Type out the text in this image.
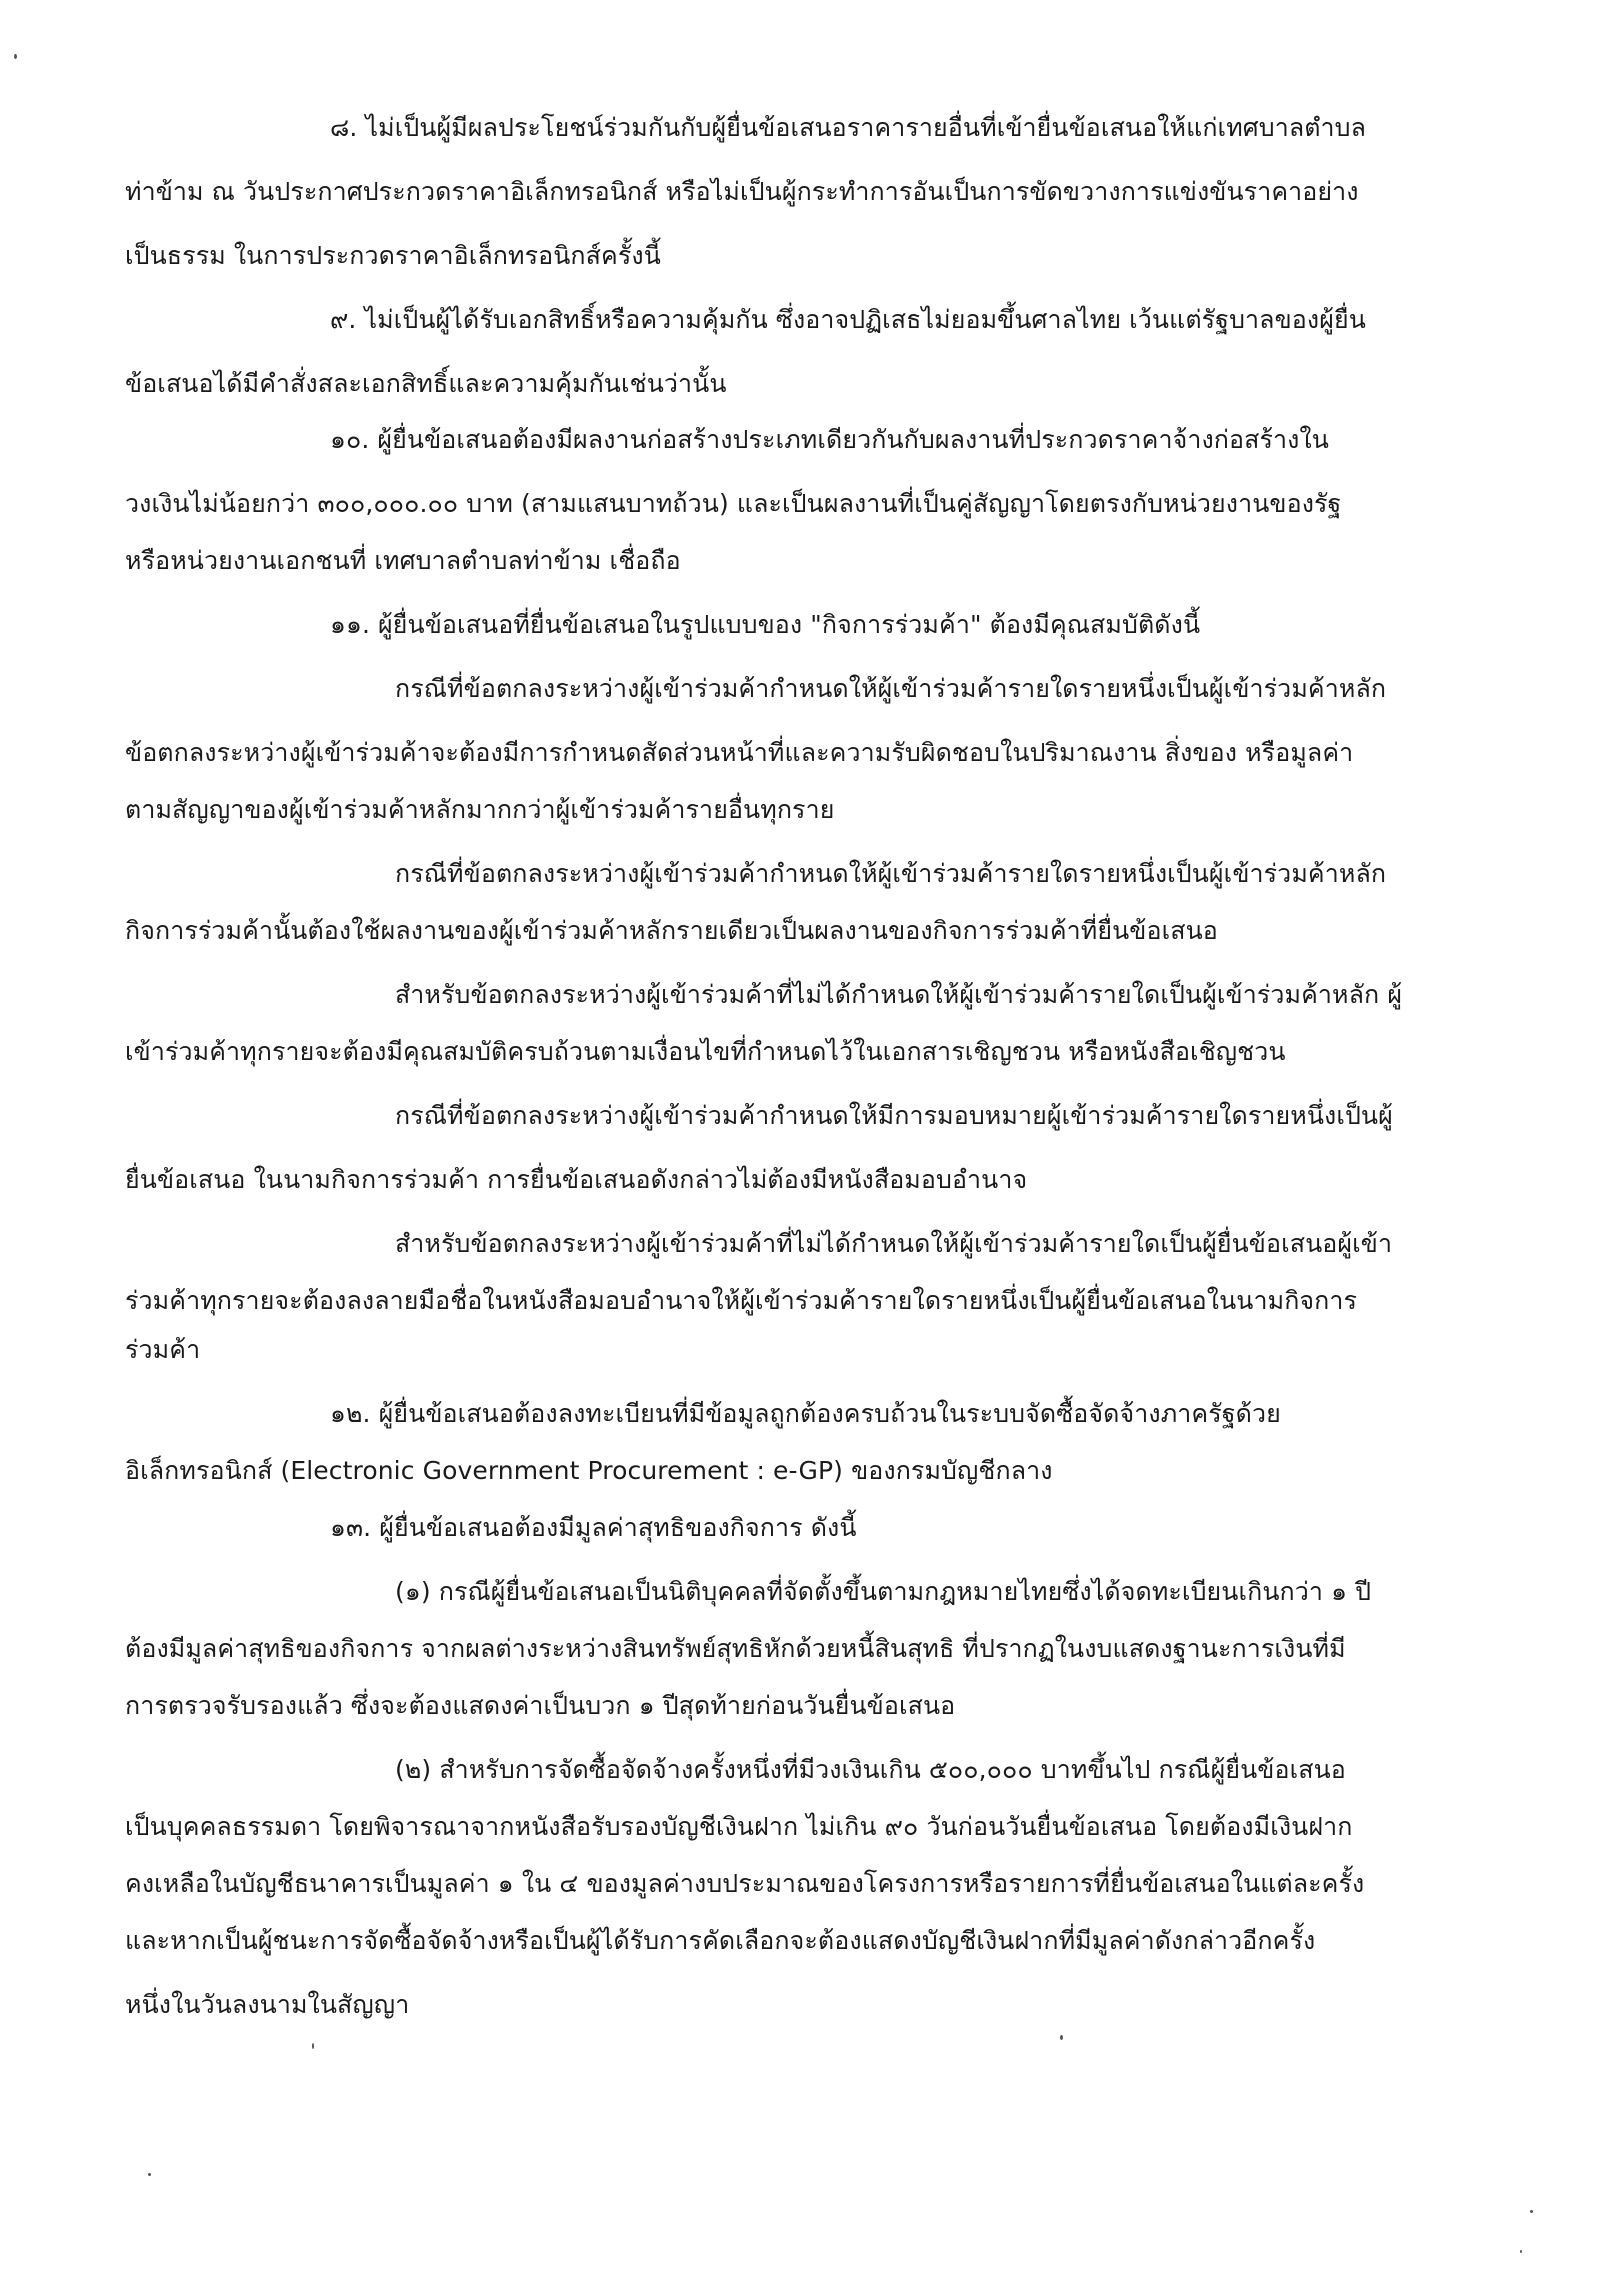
๘. ไม่เป็นผู้มีผลประโยชน์ร่วมกันกับผู้ยื่นข้อเสนอราคารายอื่นที่เข้ายื่นข้อเสนอให้แก่เทศบาลตำบล
ท่าข้าม ณ วันประกาศประกวดราคาอิเล็กทรอนิกส์ หรือไม่เป็นผู้กระทำการอันเป็นการขัดขวางการแข่งขันราคาอย่าง
เป็นธรรม ในการประกวดราคาอิเล็กทรอนิกส์ครั้งนี้
๙. ไม่เป็นผู้ได้รับเอกสิทธิ์หรือความคุ้มกัน ซึ่งอาจปฏิเสธไม่ยอมขึ้นศาลไทย เว้นแต่รัฐบาลของผู้ยื่น
ข้อเสนอได้มีคำสั่งสละเอกสิทธิ์และความคุ้มกันเช่นว่านั้น
๑๐. ผู้ยื่นข้อเสนอต้องมีผลงานก่อสร้างประเภทเดียวกันกับผลงานที่ประกวดราคาจ้างก่อสร้างใน
วงเงินไม่น้อยกว่า ๓๐๐,๐๐๐.๐๐ บาท (สามแสนบาทถ้วน) และเป็นผลงานที่เป็นคู่สัญญาโดยตรงกับหน่วยงานของรัฐ
หรือหน่วยงานเอกชนที่ เทศบาลตำบลท่าข้าม เชื่อถือ
๑๑. ผู้ยื่นข้อเสนอที่ยื่นข้อเสนอในรูปแบบของ "กิจการร่วมค้า" ต้องมีคุณสมบัติดังนี้
กรณีที่ข้อตกลงระหว่างผู้เข้าร่วมค้ากำหนดให้ผู้เข้าร่วมค้ารายใดรายหนึ่งเป็นผู้เข้าร่วมค้าหลัก
ข้อตกลงระหว่างผู้เข้าร่วมค้าจะต้องมีการกำหนดสัดส่วนหน้าที่และความรับผิดชอบในปริมาณงาน สิ่งของ หรือมูลค่า
ตามสัญญาของผู้เข้าร่วมค้าหลักมากกว่าผู้เข้าร่วมค้ารายอื่นทุกราย
กรณีที่ข้อตกลงระหว่างผู้เข้าร่วมค้ากำหนดให้ผู้เข้าร่วมค้ารายใดรายหนึ่งเป็นผู้เข้าร่วมค้าหลัก
กิจการร่วมค้านั้นต้องใช้ผลงานของผู้เข้าร่วมค้าหลักรายเดียวเป็นผลงานของกิจการร่วมค้าที่ยื่นข้อเสนอ
สำหรับข้อตกลงระหว่างผู้เข้าร่วมค้าที่ไม่ได้กำหนดให้ผู้เข้าร่วมค้ารายใดเป็นผู้เข้าร่วมค้าหลัก ผู้
เข้าร่วมค้าทุกรายจะต้องมีคุณสมบัติครบถ้วนตามเงื่อนไขที่กำหนดไว้ในเอกสารเชิญชวน หรือหนังสือเชิญชวน
กรณีที่ข้อตกลงระหว่างผู้เข้าร่วมค้ากำหนดให้มีการมอบหมายผู้เข้าร่วมค้ารายใดรายหนึ่งเป็นผู้
ยื่นข้อเสนอ ในนามกิจการร่วมค้า การยื่นข้อเสนอดังกล่าวไม่ต้องมีหนังสือมอบอำนาจ
สำหรับข้อตกลงระหว่างผู้เข้าร่วมค้าที่ไม่ได้กำหนดให้ผู้เข้าร่วมค้ารายใดเป็นผู้ยื่นข้อเสนอผู้เข้า
ร่วมค้าทุกรายจะต้องลงลายมือชื่อในหนังสือมอบอำนาจให้ผู้เข้าร่วมค้ารายใดรายหนึ่งเป็นผู้ยื่นข้อเสนอในนามกิจการ
ร่วมค้า
๑๒. ผู้ยื่นข้อเสนอต้องลงทะเบียนที่มีข้อมูลถูกต้องครบถ้วนในระบบจัดซื้อจัดจ้างภาครัฐด้วย
อิเล็กทรอนิกส์ (Electronic Government Procurement : e-GP) ของกรมบัญชีกลาง
๑๓. ผู้ยื่นข้อเสนอต้องมีมูลค่าสุทธิของกิจการ ดังนี้
(๑) กรณีผู้ยื่นข้อเสนอเป็นนิติบุคคลที่จัดตั้งขึ้นตามกฎหมายไทยซึ่งได้จดทะเบียนเกินกว่า ๑ ปี
ต้องมีมูลค่าสุทธิของกิจการ จากผลต่างระหว่างสินทรัพย์สุทธิหักด้วยหนี้สินสุทธิ ที่ปรากฏในงบแสดงฐานะการเงินที่มี
การตรวจรับรองแล้ว ซึ่งจะต้องแสดงค่าเป็นบวก ๑ ปีสุดท้ายก่อนวันยื่นข้อเสนอ
(๒) สำหรับการจัดซื้อจัดจ้างครั้งหนึ่งที่มีวงเงินเกิน ๕๐๐,๐๐๐ บาทขึ้นไป กรณีผู้ยื่นข้อเสนอ
เป็นบุคคลธรรมดา โดยพิจารณาจากหนังสือรับรองบัญชีเงินฝาก ไม่เกิน ๙๐ วันก่อนวันยื่นข้อเสนอ โดยต้องมีเงินฝาก
คงเหลือในบัญชีธนาคารเป็นมูลค่า ๑ ใน ๔ ของมูลค่างบประมาณของโครงการหรือรายการที่ยื่นข้อเสนอในแต่ละครั้ง
และหากเป็นผู้ชนะการจัดซื้อจัดจ้างหรือเป็นผู้ได้รับการคัดเลือกจะต้องแสดงบัญชีเงินฝากที่มีมูลค่าดังกล่าวอีกครั้ง
หนึ่งในวันลงนามในสัญญา
